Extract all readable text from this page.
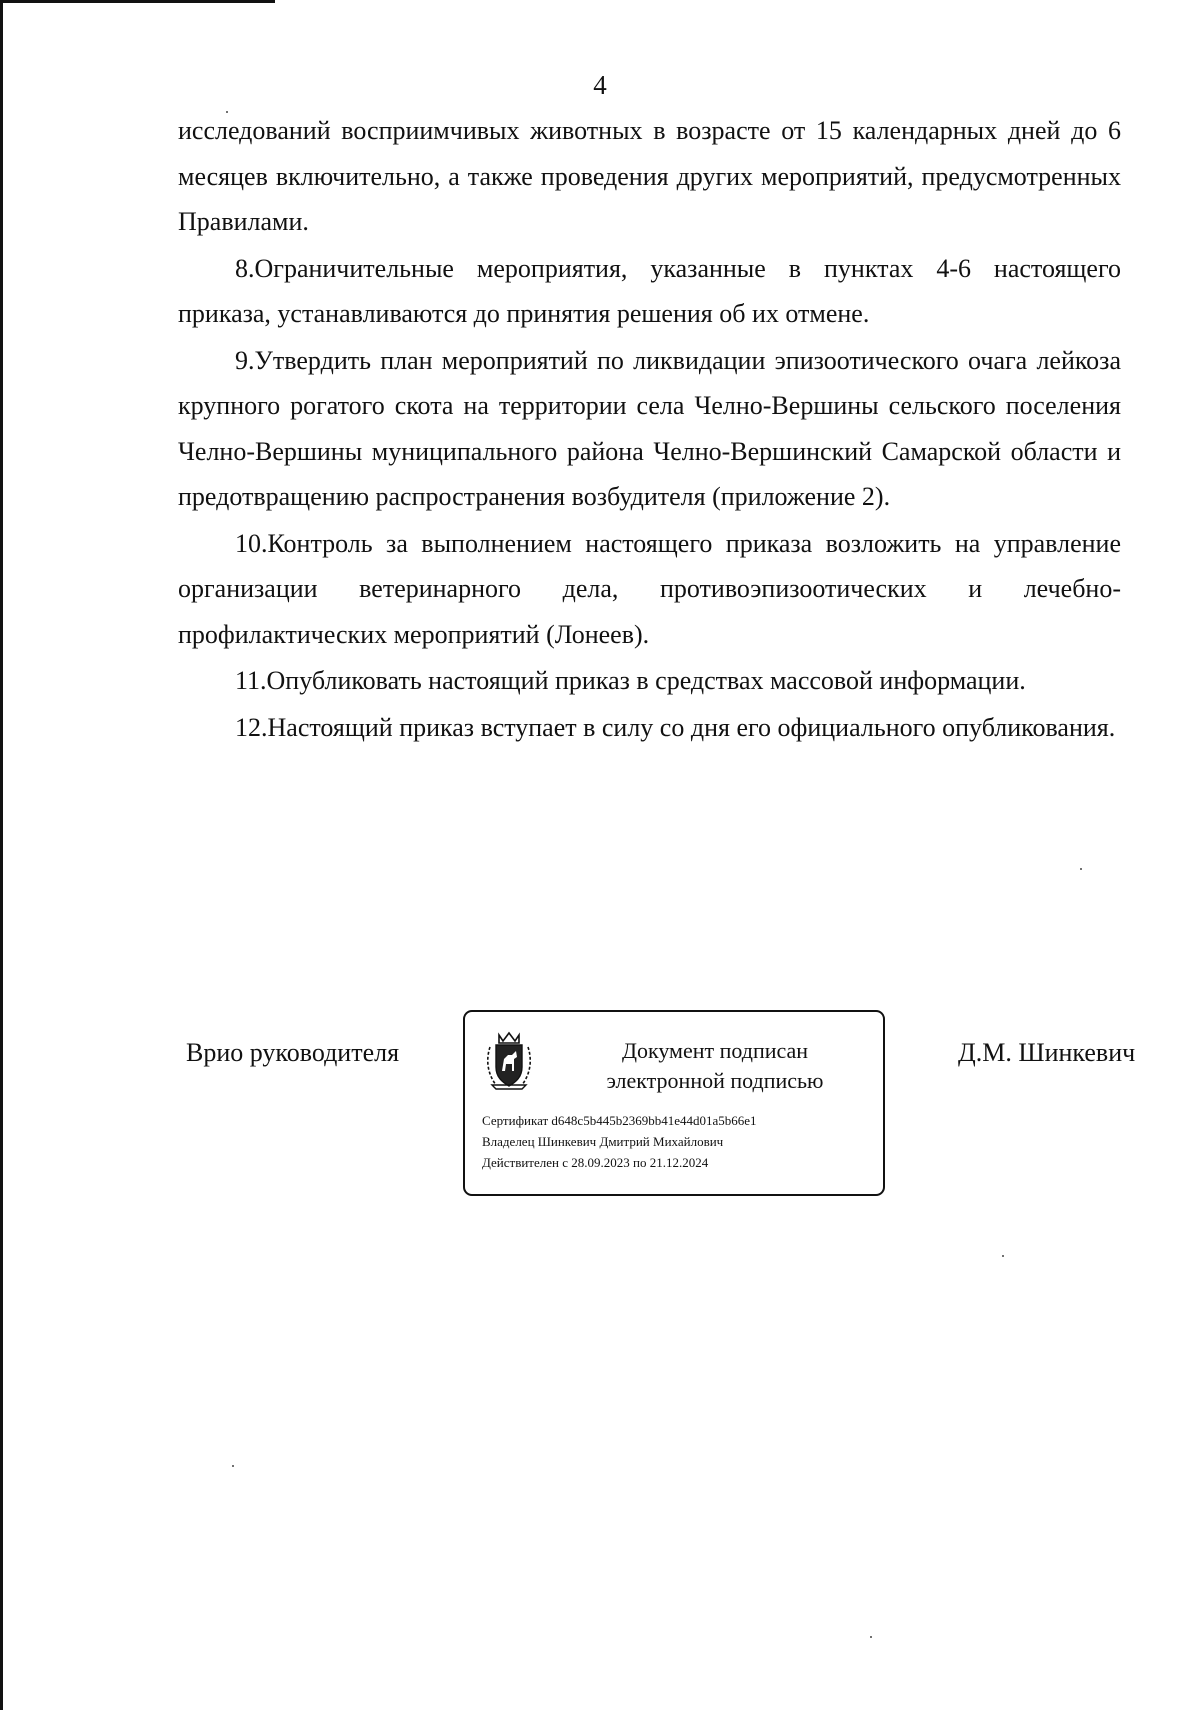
4

исследований восприимчивых животных в возрасте от 15 календарных дней до 6 месяцев включительно, а также проведения других мероприятий, предусмотренных Правилами.

8.Ограничительные мероприятия, указанные в пунктах 4-6 настоящего приказа, устанавливаются до принятия решения об их отмене.

9.Утвердить план мероприятий по ликвидации эпизоотического очага лейкоза крупного рогатого скота на территории села Челно-Вершины сельского поселения Челно-Вершины муниципального района Челно-Вершинский Самарской области и предотвращению распространения возбудителя (приложение 2).

10.Контроль за выполнением настоящего приказа возложить на управление организации ветеринарного дела, противоэпизоотических и лечебно-профилактических мероприятий (Лонеев).

11.Опубликовать настоящий приказ в средствах массовой информации.

12.Настоящий приказ вступает в силу со дня его официального опубликования.

Врио руководителя	Документ подписан
электронной подписью
Сертификат d648c5b445b2369bb41e44d01a5b66e1
Владелец Шинкевич Дмитрий Михайлович
Действителен с 28.09.2023 по 21.12.2024
Д.М. Шинкевич
